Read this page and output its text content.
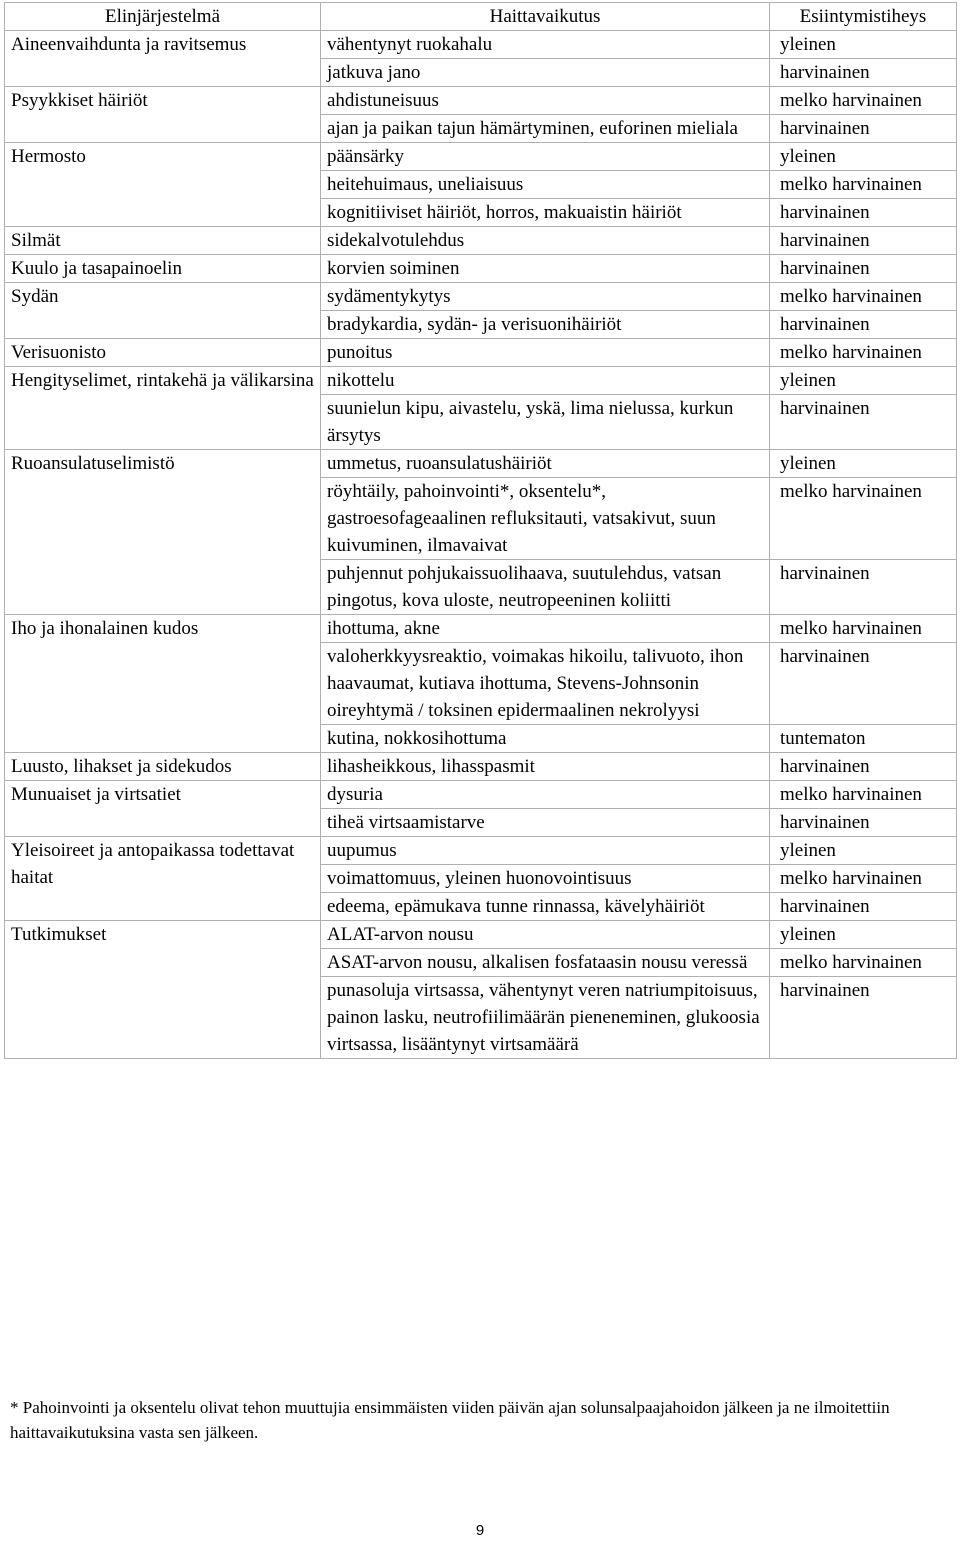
Elinjärjestelmä	Haittavaikutus	Esiintymistiheys
Aineenvaihdunta ja ravitsemus	vähentynyt ruokahalu	yleinen
	jatkuva jano	harvinainen
Psyykkiset häiriöt	ahdistuneisuus	melko harvinainen
	ajan ja paikan tajun hämärtyminen, euforinen mieliala	harvinainen
Hermosto	päänsärky	yleinen
	heitehuimaus, uneliaisuus	melko harvinainen
	kognitiiviset häiriöt, horros, makuaistin häiriöt	harvinainen
Silmät	sidekalvotulehdus	harvinainen
Kuulo ja tasapainoelin	korvien soiminen	harvinainen
Sydän	sydämentykytys	melko harvinainen
	bradykardia, sydän- ja verisuonihäiriöt	harvinainen
Verisuonisto	punoitus	melko harvinainen
Hengityselimet, rintakehä ja välikarsina	nikottelu	yleinen
	suunielun kipu, aivastelu, yskä, lima nielussa, kurkun ärsytys	harvinainen
Ruoansulatuselimistö	ummetus, ruoansulatushäiriöt	yleinen
	röyhtäily, pahoinvointi*, oksentelu*, gastroesofageaalinen refluksitauti, vatsakivut, suun kuivuminen, ilmavaivat	melko harvinainen
	puhjennut pohjukaissuolihaava, suutulehdus, vatsan pingotus, kova uloste, neutropeeninen koliitti	harvinainen
Iho ja ihonalainen kudos	ihottuma, akne	melko harvinainen
	valoherkkyysreaktio, voimakas hikoilu, talivuoto, ihon haavaumat, kutiava ihottuma, Stevens-Johnsonin oireyhtymä / toksinen epidermaalinen nekrolyysi	harvinainen
	kutina, nokkosihottuma	tuntematon
Luusto, lihakset ja sidekudos	lihasheikkous, lihasspasmit	harvinainen
Munuaiset ja virtsatiet	dysuria	melko harvinainen
	tiheä virtsaamistarve	harvinainen
Yleisoireet ja antopaikassa todettavat haitat	uupumus	yleinen
	voimattomuus, yleinen huonovointisuus	melko harvinainen
	edeema, epämukava tunne rinnassa, kävelyhäiriöt	harvinainen
Tutkimukset	ALAT-arvon nousu	yleinen
	ASAT-arvon nousu, alkalisen fosfataasin nousu veressä	melko harvinainen
	punasoluja virtsassa, vähentynyt veren natriumpitoisuus, painon lasku, neutrofiilimäärän pieneneminen, glukoosia virtsassa, lisääntynyt virtsamäärä	harvinainen
* Pahoinvointi ja oksentelu olivat tehon muuttujia ensimmäisten viiden päivän ajan solunsalpaajahoidon jälkeen ja ne ilmoitettiin haittavaikutuksina vasta sen jälkeen.
9
